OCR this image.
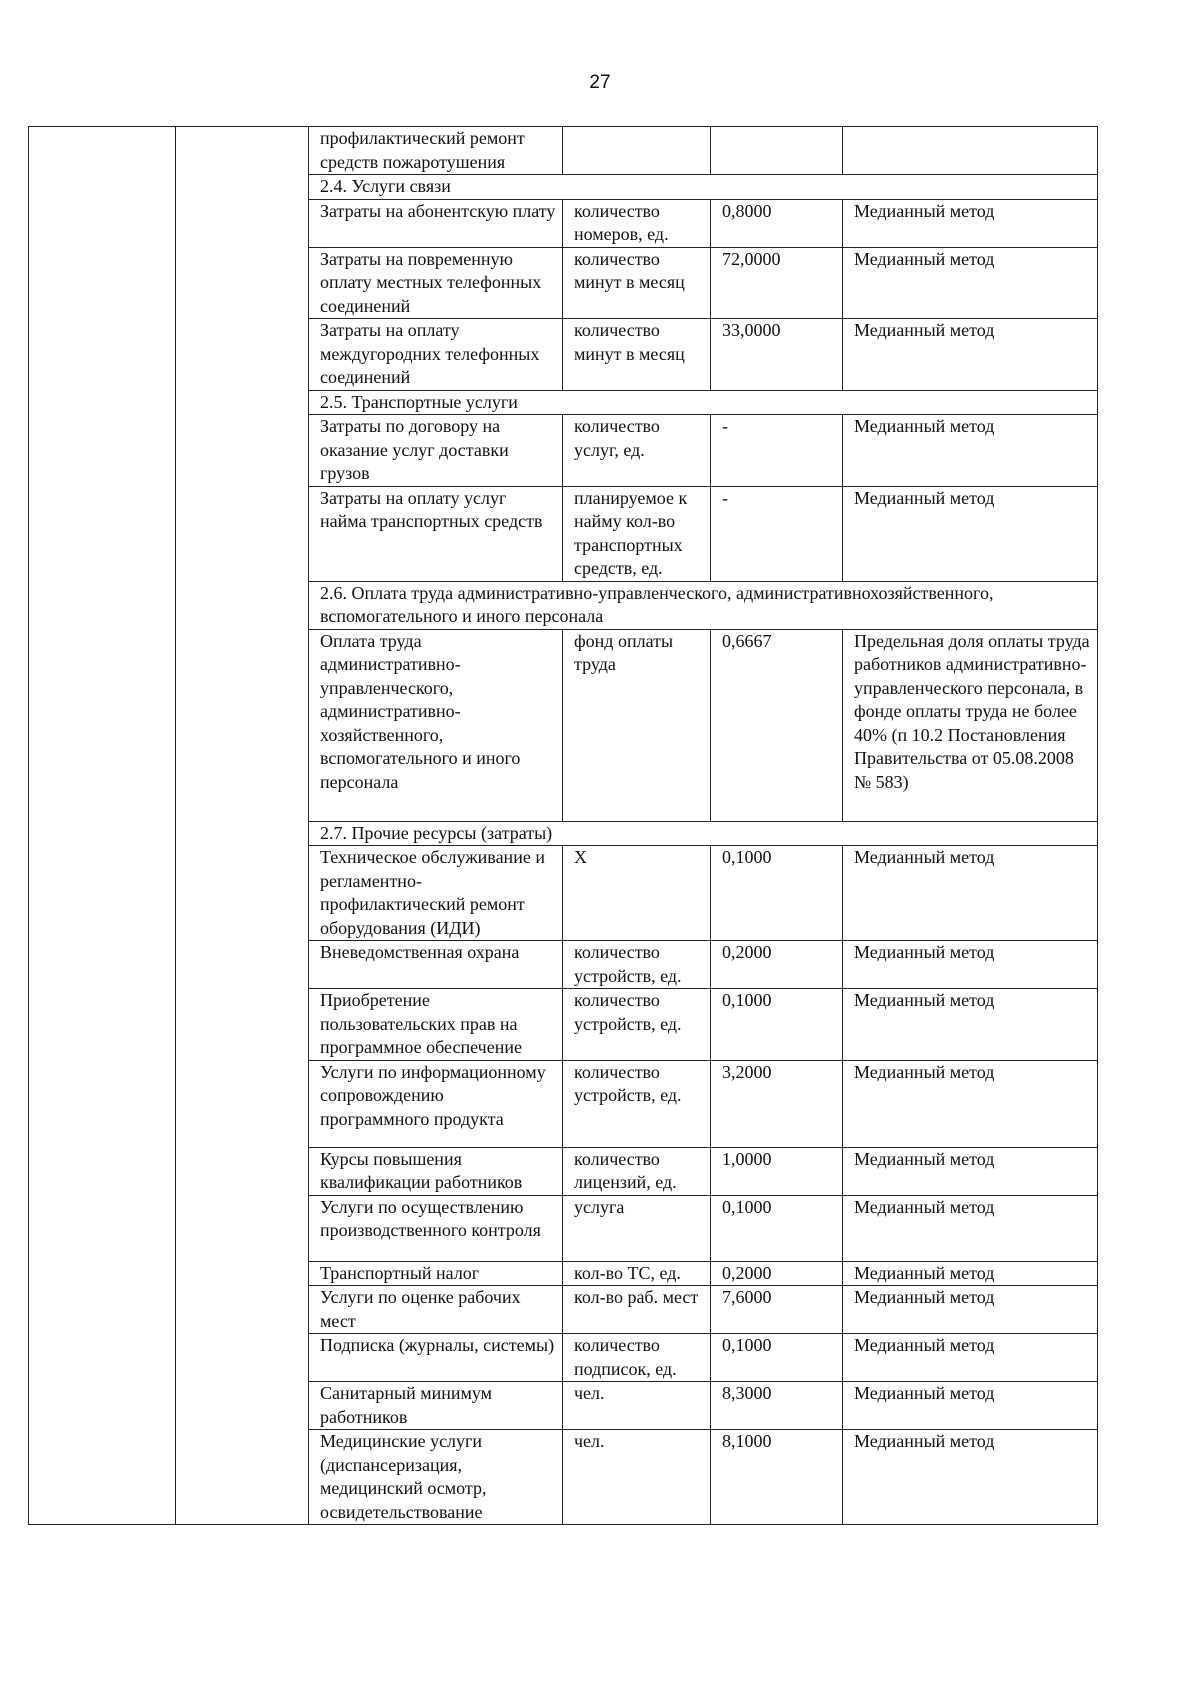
27
		профилактический ремонт средств пожаротушения			
		2.4. Услуги связи			
		Затраты на абонентскую плату	количество номеров, ед.	0,8000	Медианный метод
		Затраты на повременную оплату местных телефонных соединений	количество минут в месяц	72,0000	Медианный метод
		Затраты на оплату междугородних телефонных соединений	количество минут в месяц	33,0000	Медианный метод
		2.5. Транспортные услуги			
		Затраты по договору на оказание услуг доставки грузов	количество услуг, ед.	-	Медианный метод
		Затраты на оплату услуг найма транспортных средств	планируемое к найму кол-во транспортных средств, ед.	-	Медианный метод
		2.6. Оплата труда административно-управленческого, административнохозяйственного, вспомогательного и иного персонала			
		Оплата труда административно-управленческого, административно-хозяйственного, вспомогательного и иного персонала	фонд оплаты труда	0,6667	Предельная доля оплаты труда работников административно-управленческого персонала, в фонде оплаты труда не более 40% (п 10.2 Постановления Правительства от 05.08.2008 № 583)
		2.7. Прочие ресурсы (затраты)			
		Техническое обслуживание и регламентно-профилактический ремонт оборудования (ИДИ)	Х	0,1000	Медианный метод
		Вневедомственная охрана	количество устройств, ед.	0,2000	Медианный метод
		Приобретение пользовательских прав на программное обеспечение	количество устройств, ед.	0,1000	Медианный метод
		Услуги по информационному сопровождению программного продукта	количество устройств, ед.	3,2000	Медианный метод
		Курсы повышения квалификации работников	количество лицензий, ед.	1,0000	Медианный метод
		Услуги по осуществлению производственного контроля	услуга	0,1000	Медианный метод
		Транспортный налог	кол-во ТС, ед.	0,2000	Медианный метод
		Услуги по оценке рабочих мест	кол-во раб. мест	7,6000	Медианный метод
		Подписка (журналы, системы)	количество подписок, ед.	0,1000	Медианный метод
		Санитарный минимум работников	чел.	8,3000	Медианный метод
		Медицинские услуги (диспансеризация, медицинский осмотр, освидетельствование	чел.	8,1000	Медианный метод
